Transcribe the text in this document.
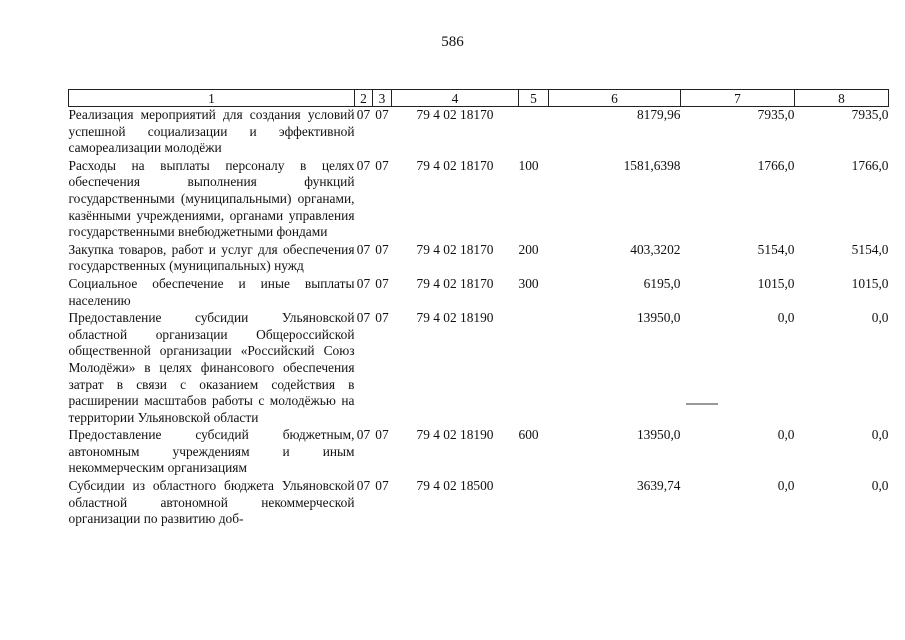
586
1	2	3	4	5	6	7	8
Реализация мероприятий для создания условий успешной социализации и эффективной самореализации молодёжи	07	07	79 4 02 18170		8179,96	7935,0	7935,0
Расходы на выплаты персоналу в целях обеспечения выполнения функций государственными (муниципальными) органами, казёнными учреждениями, органами управления государственными внебюджетными фондами	07	07	79 4 02 18170	100	1581,6398	1766,0	1766,0
Закупка товаров, работ и услуг для обеспечения государственных (муниципальных) нужд	07	07	79 4 02 18170	200	403,3202	5154,0	5154,0
Социальное обеспечение и иные выплаты населению	07	07	79 4 02 18170	300	6195,0	1015,0	1015,0
Предоставление субсидии Ульяновской областной организации Общероссийской общественной организации «Российский Союз Молодёжи» в целях финансового обеспечения затрат в связи с оказанием содействия в расширении масштабов работы с молодёжью на территории Ульяновской области	07	07	79 4 02 18190		13950,0	0,0	0,0
Предоставление субсидий бюджетным, автономным учреждениям и иным некоммерческим организациям	07	07	79 4 02 18190	600	13950,0	0,0	0,0
Субсидии из областного бюджета Ульяновской областной автономной некоммерческой организации по развитию доб-	07	07	79 4 02 18500		3639,74	0,0	0,0
